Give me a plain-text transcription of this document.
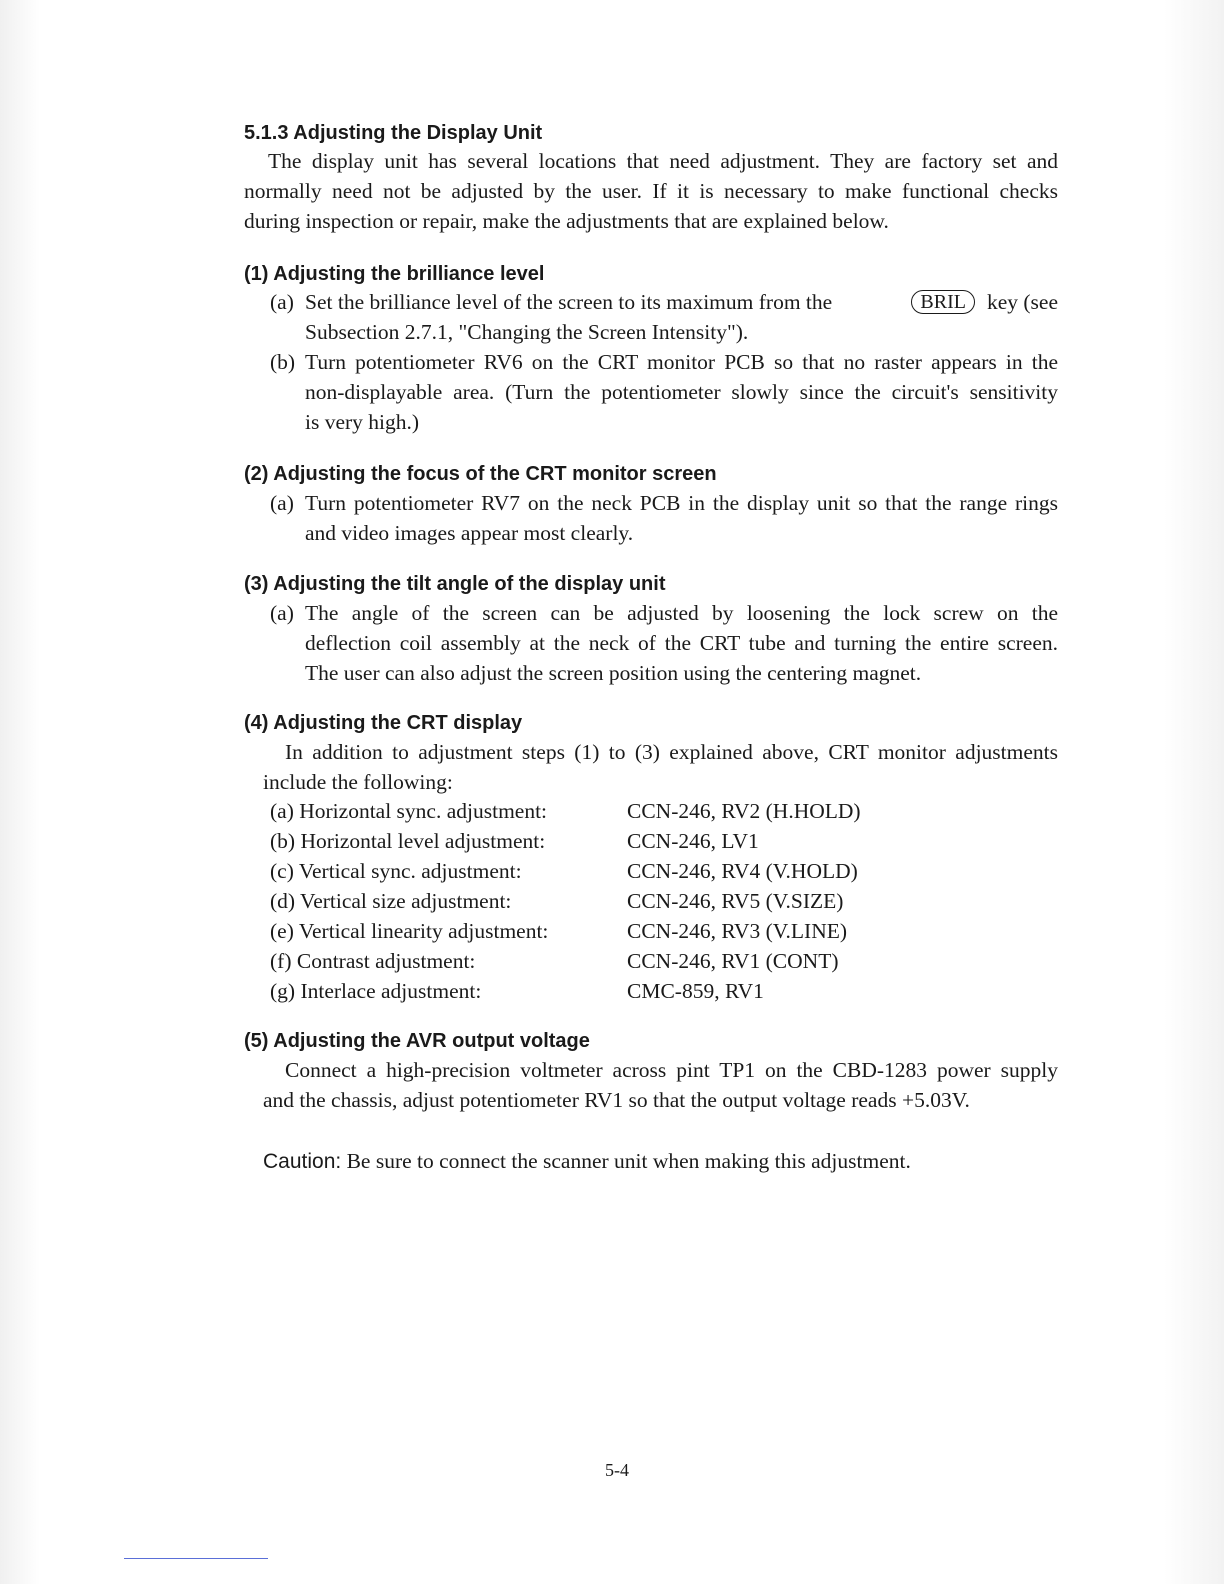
5.1.3 Adjusting the Display Unit
The display unit has several locations that need adjustment. They are factory set and
normally need not be adjusted by the user. If it is necessary to make functional checks
during inspection or repair, make the adjustments that are explained below.
(1) Adjusting the brilliance level
(a) Set the brilliance level of the screen to its maximum from the	BRIL key (see
Subsection 2.7.1, "Changing the Screen Intensity").
(b) Turn potentiometer RV6 on the CRT monitor PCB so that no raster appears in the
non-displayable area. (Turn the potentiometer slowly since the circuit's sensitivity
is very high.)
(2) Adjusting the focus of the CRT monitor screen
(a) Turn potentiometer RV7 on the neck PCB in the display unit so that the range rings
and video images appear most clearly.
(3) Adjusting the tilt angle of the display unit
(a) The angle of the screen can be adjusted by loosening the lock screw on the
deflection coil assembly at the neck of the CRT tube and turning the entire screen.
The user can also adjust the screen position using the centering magnet.
(4) Adjusting the CRT display
In addition to adjustment steps (1) to (3) explained above, CRT monitor adjustments
include the following:
(a) Horizontal sync. adjustment:	CCN-246, RV2 (H.HOLD)
(b) Horizontal level adjustment:	CCN-246, LV1
(c) Vertical sync. adjustment:	CCN-246, RV4 (V.HOLD)
(d) Vertical size adjustment:	CCN-246, RV5 (V.SIZE)
(e) Vertical linearity adjustment:	CCN-246, RV3 (V.LINE)
(f) Contrast adjustment:	CCN-246, RV1 (CONT)
(g) Interlace adjustment:	CMC-859, RV1
(5) Adjusting the AVR output voltage
Connect a high-precision voltmeter across pint TP1 on the CBD-1283 power supply
and the chassis, adjust potentiometer RV1 so that the output voltage reads +5.03V.
Caution: Be sure to connect the scanner unit when making this adjustment.
5-4
